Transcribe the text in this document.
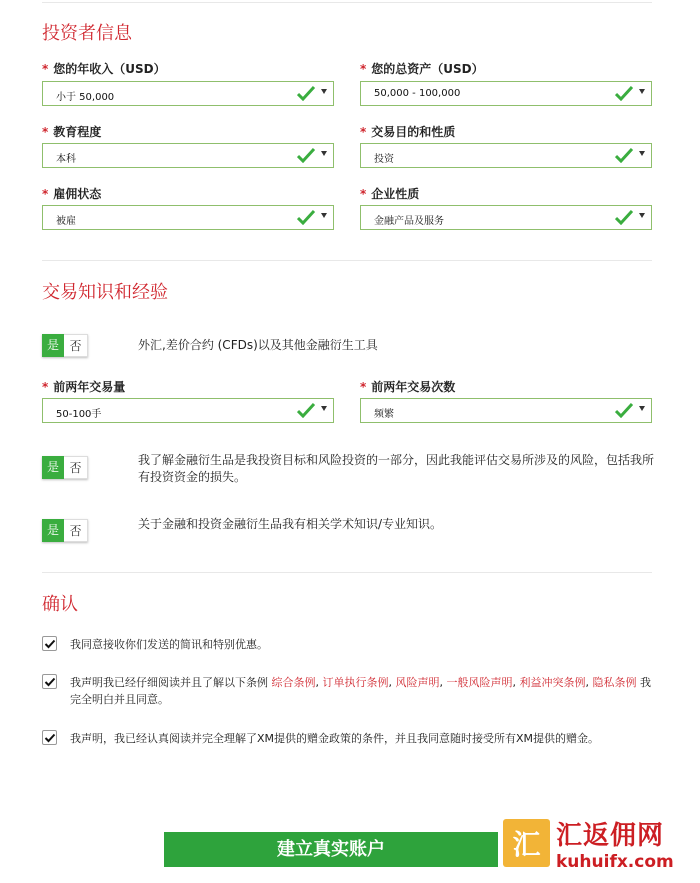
投资者信息
* 您的年收入（USD）
小于 50,000
* 您的总资产（USD）
50,000 - 100,000
* 教育程度
本科
* 交易目的和性质
投资
* 雇佣状态
被雇
* 企业性质
金融产品及服务
交易知识和经验
是 否	外汇,差价合约 (CFDs)以及其他金融衍生工具
* 前两年交易量
50-100手
* 前两年交易次数
频繁
是 否
我了解金融衍生品是我投资目标和风险投资的一部分，因此我能评估交易所涉及的风险，包括我所有投资资金的损失。
是 否	关于金融和投资金融衍生品我有相关学术知识/专业知识。
确认
我同意接收你们发送的简讯和特别优惠。
我声明我已经仔细阅读并且了解以下条例 综合条例, 订单执行条例, 风险声明, 一般风险声明, 利益冲突条例, 隐私条例 我完全明白并且同意。
我声明，我已经认真阅读并完全理解了XM提供的赠金政策的条件，并且我同意随时接受所有XM提供的赠金。
建立真实账户	汇 汇返佣网
kuhuifx.com
